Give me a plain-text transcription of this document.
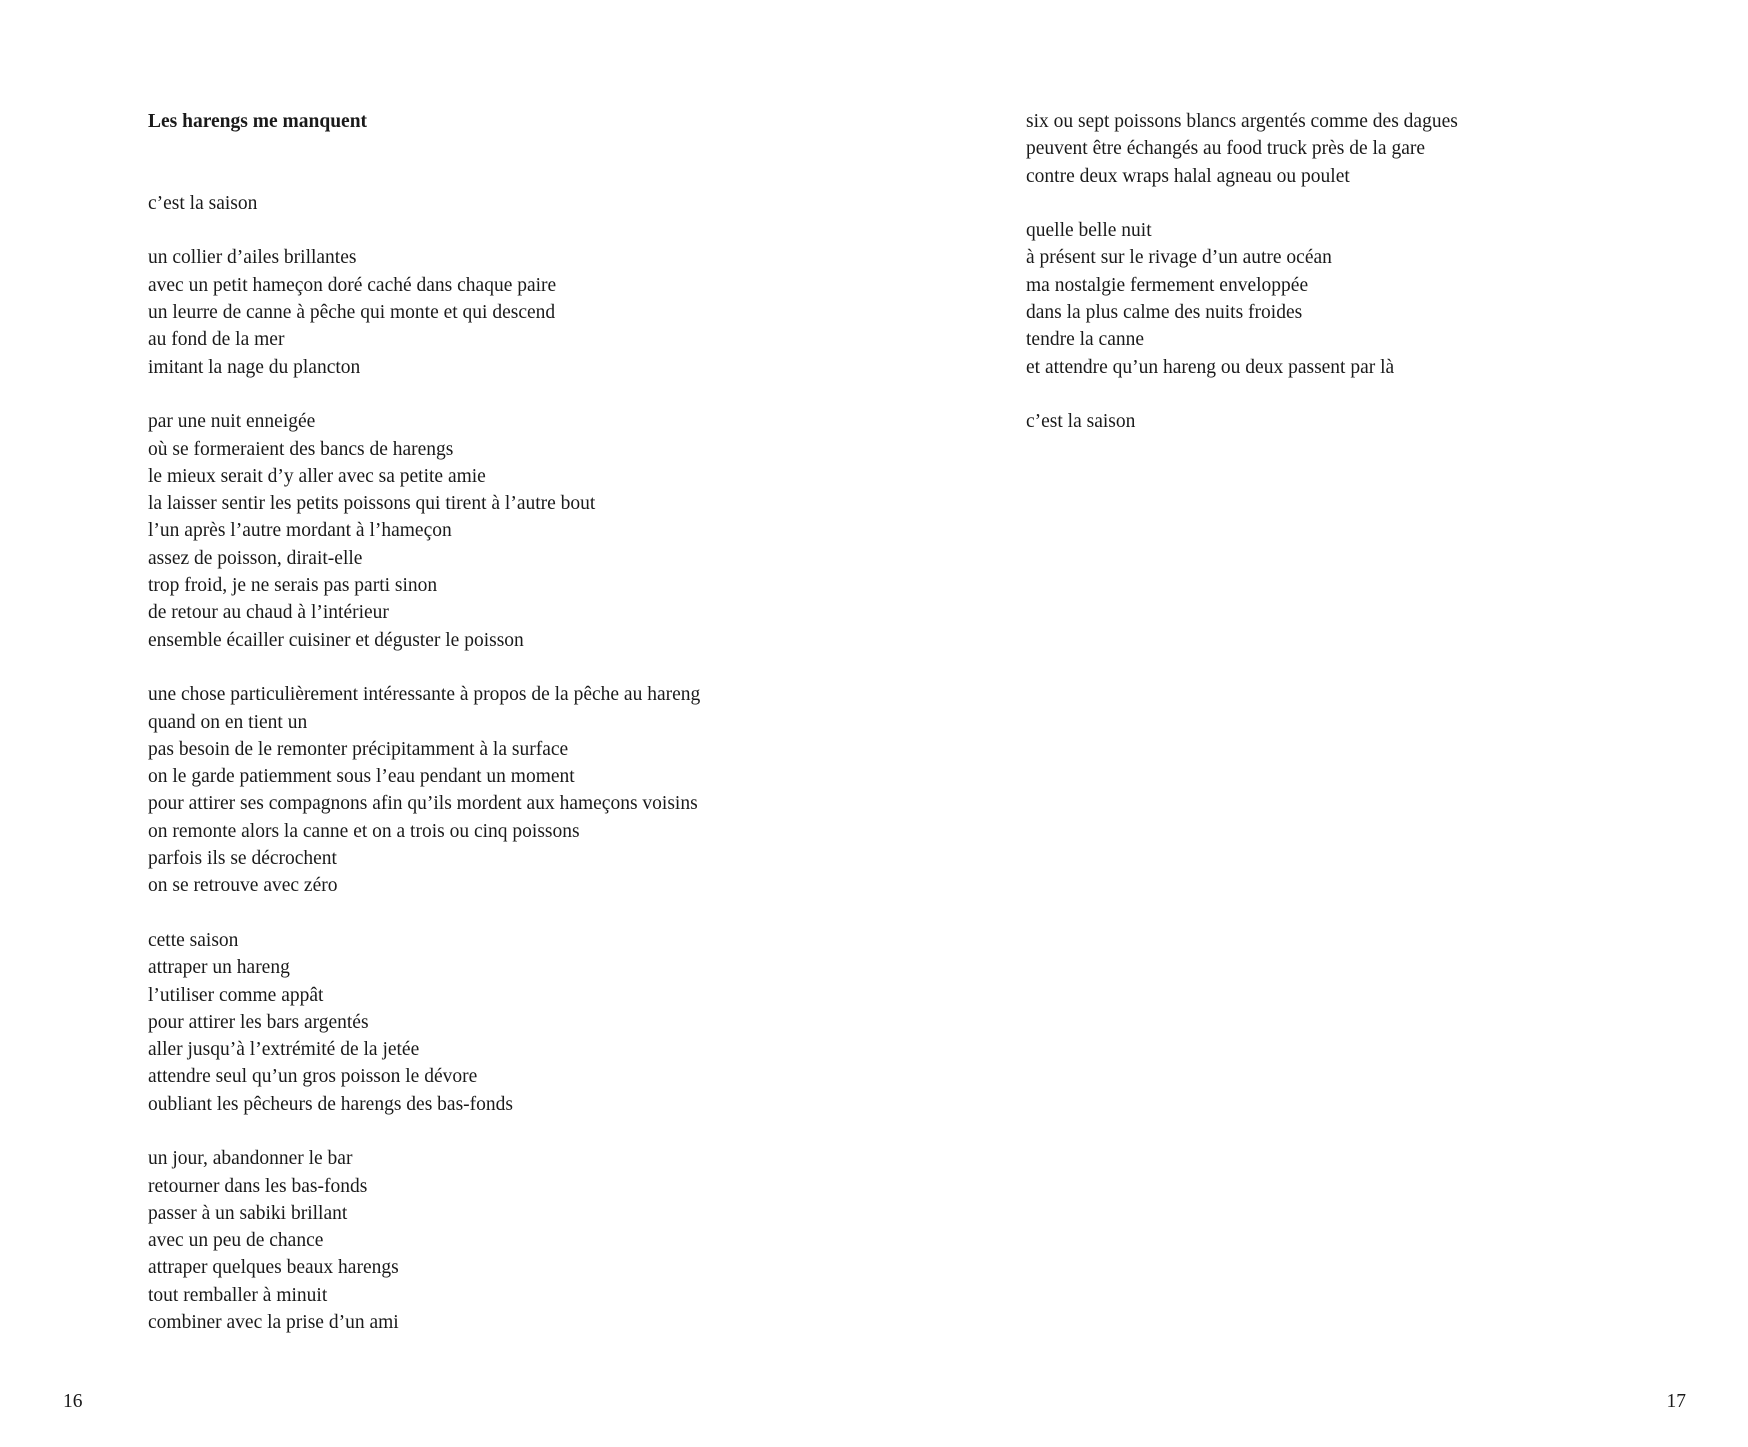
Les harengs me manquent
c’est la saison
un collier d’ailes brillantes
avec un petit hameçon doré caché dans chaque paire
un leurre de canne à pêche qui monte et qui descend
au fond de la mer
imitant la nage du plancton
par une nuit enneigée
où se formeraient des bancs de harengs
le mieux serait d’y aller avec sa petite amie
la laisser sentir les petits poissons qui tirent à l’autre bout
l’un après l’autre mordant à l’hameçon
assez de poisson, dirait-elle
trop froid, je ne serais pas parti sinon
de retour au chaud à l’intérieur
ensemble écailler cuisiner et déguster le poisson
une chose particulièrement intéressante à propos de la pêche au hareng
quand on en tient un
pas besoin de le remonter précipitamment à la surface
on le garde patiemment sous l’eau pendant un moment
pour attirer ses compagnons afin qu’ils mordent aux hameçons voisins
on remonte alors la canne et on a trois ou cinq poissons
parfois ils se décrochent
on se retrouve avec zéro
cette saison
attraper un hareng
l’utiliser comme appât
pour attirer les bars argentés
aller jusqu’à l’extrémité de la jetée
attendre seul qu’un gros poisson le dévore
oubliant les pêcheurs de harengs des bas-fonds
un jour, abandonner le bar
retourner dans les bas-fonds
passer à un sabiki brillant
avec un peu de chance
attraper quelques beaux harengs
tout remballer à minuit
combiner avec la prise d’un ami
16
six ou sept poissons blancs argentés comme des dagues
peuvent être échangés au food truck près de la gare
contre deux wraps halal agneau ou poulet
quelle belle nuit
à présent sur le rivage d’un autre océan
ma nostalgie fermement enveloppée
dans la plus calme des nuits froides
tendre la canne
et attendre qu’un hareng ou deux passent par là
c’est la saison
17
